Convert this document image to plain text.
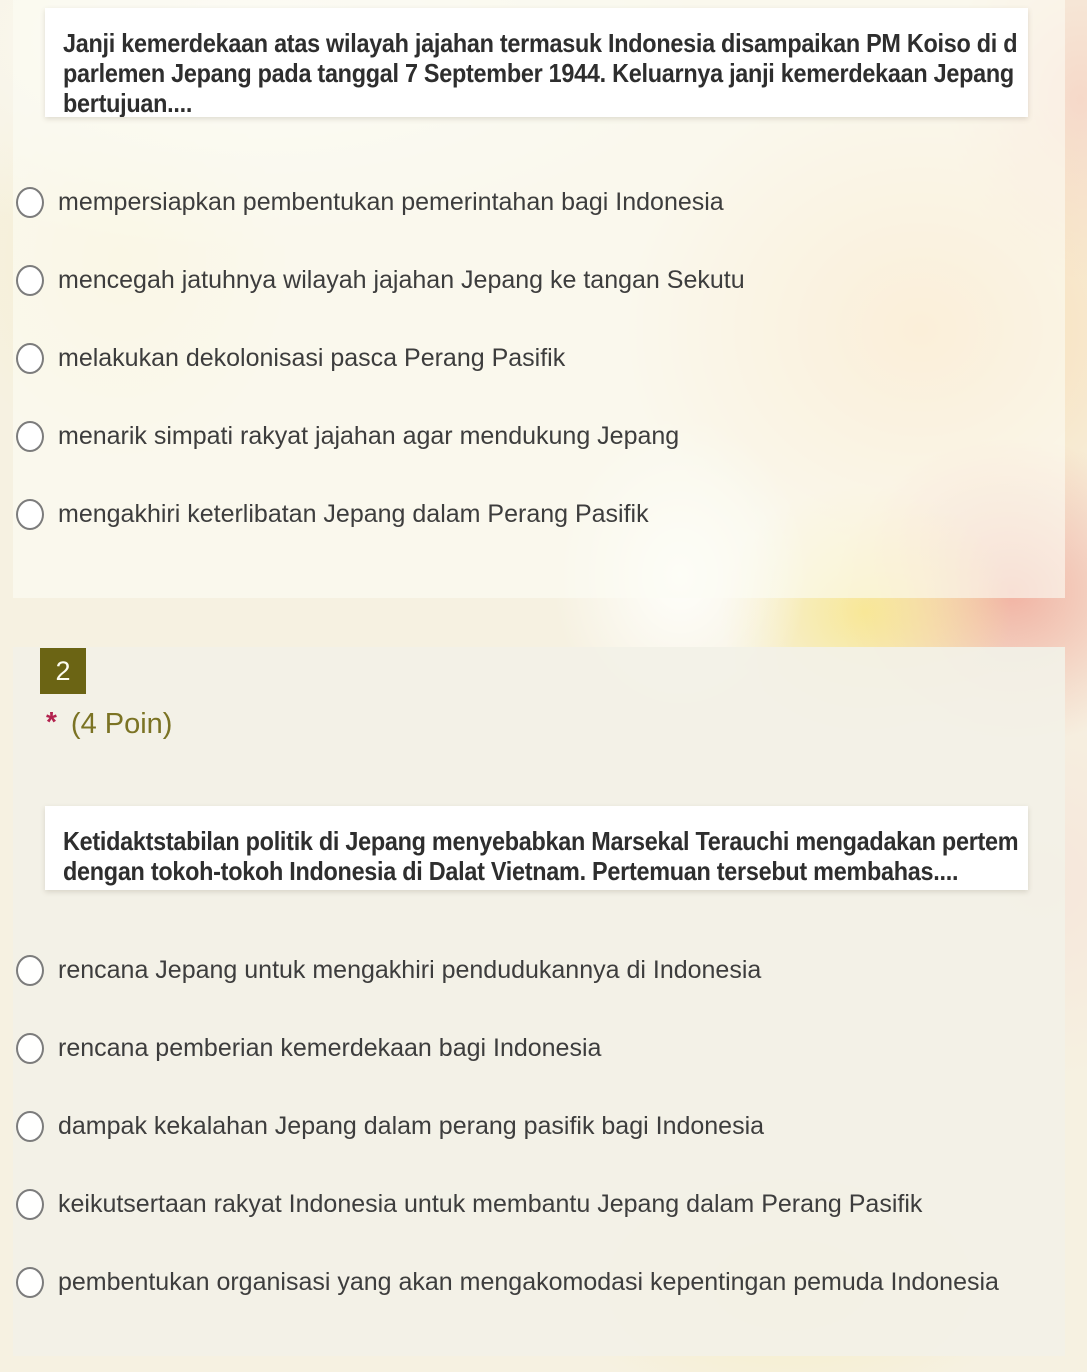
Janji kemerdekaan atas wilayah jajahan termasuk Indonesia disampaikan PM Koiso di d
parlemen Jepang pada tanggal 7 September 1944. Keluarnya janji kemerdekaan Jepang
bertujuan....
mempersiapkan pembentukan pemerintahan bagi Indonesia
mencegah jatuhnya wilayah jajahan Jepang ke tangan Sekutu
melakukan dekolonisasi pasca Perang Pasifik
menarik simpati rakyat jajahan agar mendukung Jepang
mengakhiri keterlibatan Jepang dalam Perang Pasifik
2
* (4 Poin)
Ketidaktstabilan politik di Jepang menyebabkan Marsekal Terauchi mengadakan pertem
dengan tokoh-tokoh Indonesia di Dalat Vietnam. Pertemuan tersebut membahas....
rencana Jepang untuk mengakhiri pendudukannya di Indonesia
rencana pemberian kemerdekaan bagi Indonesia
dampak kekalahan Jepang dalam perang pasifik bagi Indonesia
keikutsertaan rakyat Indonesia untuk membantu Jepang dalam Perang Pasifik
pembentukan organisasi yang akan mengakomodasi kepentingan pemuda Indonesia
